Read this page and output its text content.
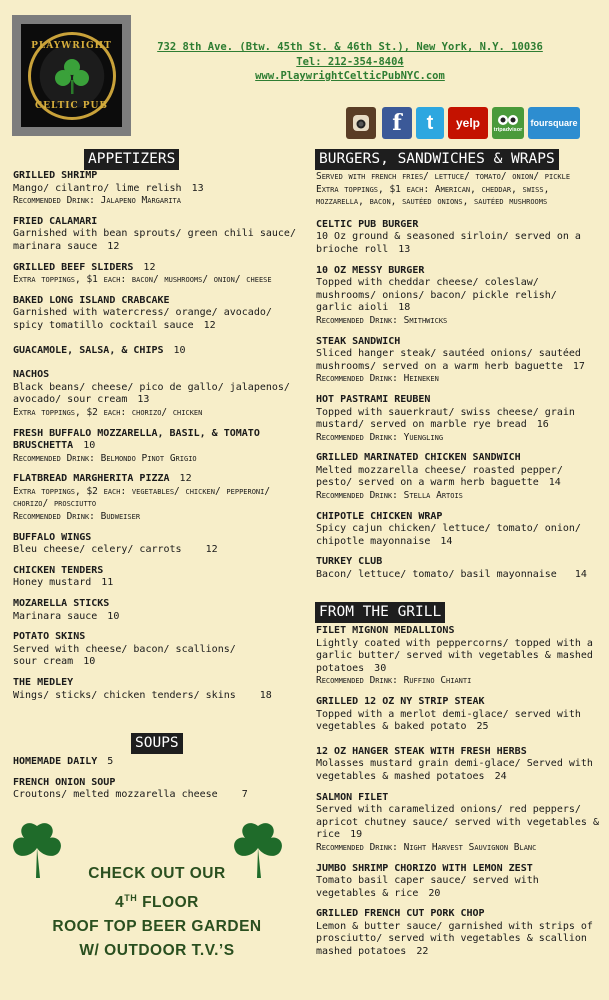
PLAYWRIGHT
CELTIC PUB
732 8th Ave. (Btw. 45th St. & 46th St.), New York, N.Y. 10036
Tel: 212-354-8404
www.PlaywrightCelticPubNYC.com
f	t	yelp	tripadvisor
foursquare
APPETIZERS
GRILLED SHRIMP
Mango/ cilantro/ lime relish 13
Recommended Drink: Jalapeno Margarita
FRIED CALAMARI
Garnished with bean sprouts/ green chili sauce/ marinara sauce 12
GRILLED BEEF SLIDERS 12
Extra toppings, $1 each: bacon/ mushrooms/ onion/ cheese
BAKED LONG ISLAND CRABCAKE
Garnished with watercress/ orange/ avocado/ spicy tomatillo cocktail sauce 12
GUACAMOLE, SALSA, & CHIPS 10
NACHOS
Black beans/ cheese/ pico de gallo/ jalapenos/ avocado/ sour cream 13
Extra toppings, $2 each: chorizo/ chicken
FRESH BUFFALO MOZZARELLA, BASIL, & TOMATO BRUSCHETTA 10
Recommended Drink: Belmondo Pinot Grigio
FLATBREAD MARGHERITA PIZZA 12
Extra toppings, $2 each: vegetables/ chicken/ pepperoni/ chorizo/ prosciutto
Recommended Drink: Budweiser
BUFFALO WINGS
Bleu cheese/ celery/ carrots 12
CHICKEN TENDERS
Honey mustard 11
MOZARELLA STICKS
Marinara sauce 10
POTATO SKINS
Served with cheese/ bacon/ scallions/ sour cream 10
THE MEDLEY
Wings/ sticks/ chicken tenders/ skins 18
SOUPS
HOMEMADE DAILY 5
FRENCH ONION SOUP
Croutons/ melted mozzarella cheese 7
CHECK OUT OUR
4TH FLOOR
ROOF TOP BEER GARDEN
W/ OUTDOOR T.V.’S
BURGERS, SANDWICHES & WRAPS
Served with french fries/ lettuce/ tomato/ onion/ pickle
Extra toppings, $1 each: American, cheddar, swiss, mozzarella, bacon, sautéed onions, sautéed mushrooms
CELTIC PUB BURGER
10 Oz ground & seasoned sirloin/ served on a brioche roll 13
10 OZ MESSY BURGER
Topped with cheddar cheese/ coleslaw/ mushrooms/ onions/ bacon/ pickle relish/ garlic aioli 18
Recommended Drink: Smithwicks
STEAK SANDWICH
Sliced hanger steak/ sautéed onions/ sautéed mushrooms/ served on a warm herb baguette 17
Recommended Drink: Heineken
HOT PASTRAMI REUBEN
Topped with sauerkraut/ swiss cheese/ grain mustard/ served on marble rye bread 16
Recommended Drink: Yuengling
GRILLED MARINATED CHICKEN SANDWICH
Melted mozzarella cheese/ roasted pepper/ pesto/ served on a warm herb baguette 14
Recommended Drink: Stella Artois
CHIPOTLE CHICKEN WRAP
Spicy cajun chicken/ lettuce/ tomato/ onion/ chipotle mayonnaise 14
TURKEY CLUB
Bacon/ lettuce/ tomato/ basil mayonnaise 14
FROM THE GRILL
FILET MIGNON MEDALLIONS
Lightly coated with peppercorns/ topped with a garlic butter/ served with vegetables & mashed potatoes 30
Recommended Drink: Ruffino Chianti
GRILLED 12 OZ NY STRIP STEAK
Topped with a merlot demi-glace/ served with vegetables & baked potato 25
12 OZ HANGER STEAK WITH FRESH HERBS
Molasses mustard grain demi-glace/ Served with vegetables & mashed potatoes 24
SALMON FILET
Served with caramelized onions/ red peppers/ apricot chutney sauce/ served with vegetables & rice 19
Recommended Drink: Night Harvest Sauvignon Blanc
JUMBO SHRIMP CHORIZO WITH LEMON ZEST
Tomato basil caper sauce/ served with vegetables & rice 20
GRILLED FRENCH CUT PORK CHOP
Lemon & butter sauce/ garnished with strips of prosciutto/ served with vegetables & scallion mashed potatoes 22
